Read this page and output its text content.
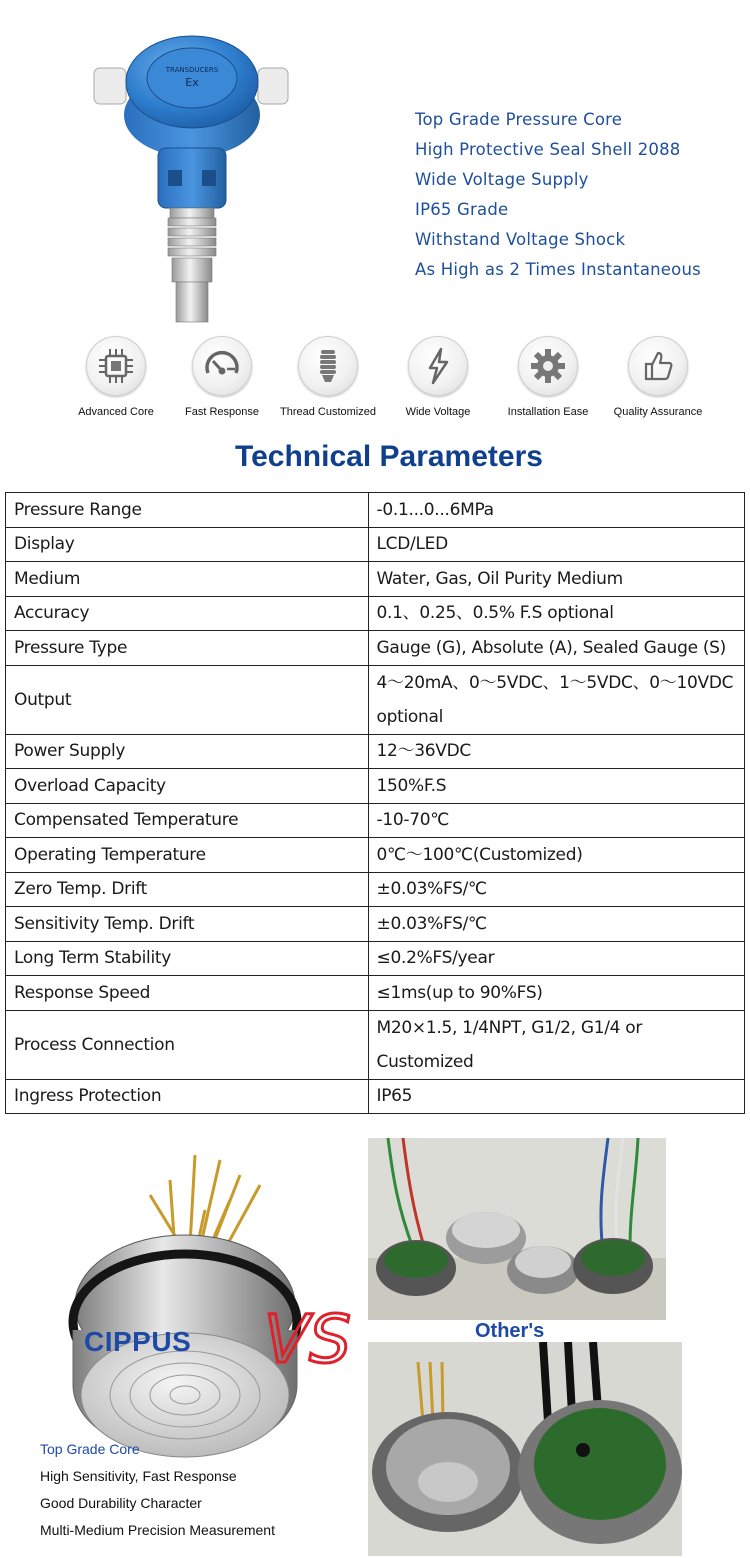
TRANSDUCERS
Ex
Top Grade Pressure Core
High Protective Seal Shell 2088
Wide Voltage Supply
IP65 Grade
Withstand Voltage Shock
As High as 2 Times Instantaneous
Advanced Core	Fast Response	Thread Customized	Wide Voltage	Installation Ease	Quality Assurance
Technical Parameters
Pressure Range	-0.1...0...6MPa
Display	LCD/LED
Medium	Water, Gas, Oil Purity Medium
Accuracy	0.1、0.25、0.5% F.S optional
Pressure Type	Gauge (G), Absolute (A), Sealed Gauge (S)
Output	4～20mA、0～5VDC、1～5VDC、0～10VDC optional
Power Supply	12～36VDC
Overload Capacity	150%F.S
Compensated Temperature	-10-70℃
Operating Temperature	0℃～100℃(Customized)
Zero Temp. Drift	±0.03%FS/℃
Sensitivity Temp. Drift	±0.03%FS/℃
Long Term Stability	≤0.2%FS/year
Response Speed	≤1ms(up to 90%FS)
Process Connection	M20×1.5, 1/4NPT, G1/2, G1/4 or Customized
Ingress Protection	IP65
CIPPUS VS	Other's
Top Grade Core
High Sensitivity, Fast Response
Good Durability Character
Multi-Medium Precision Measurement
